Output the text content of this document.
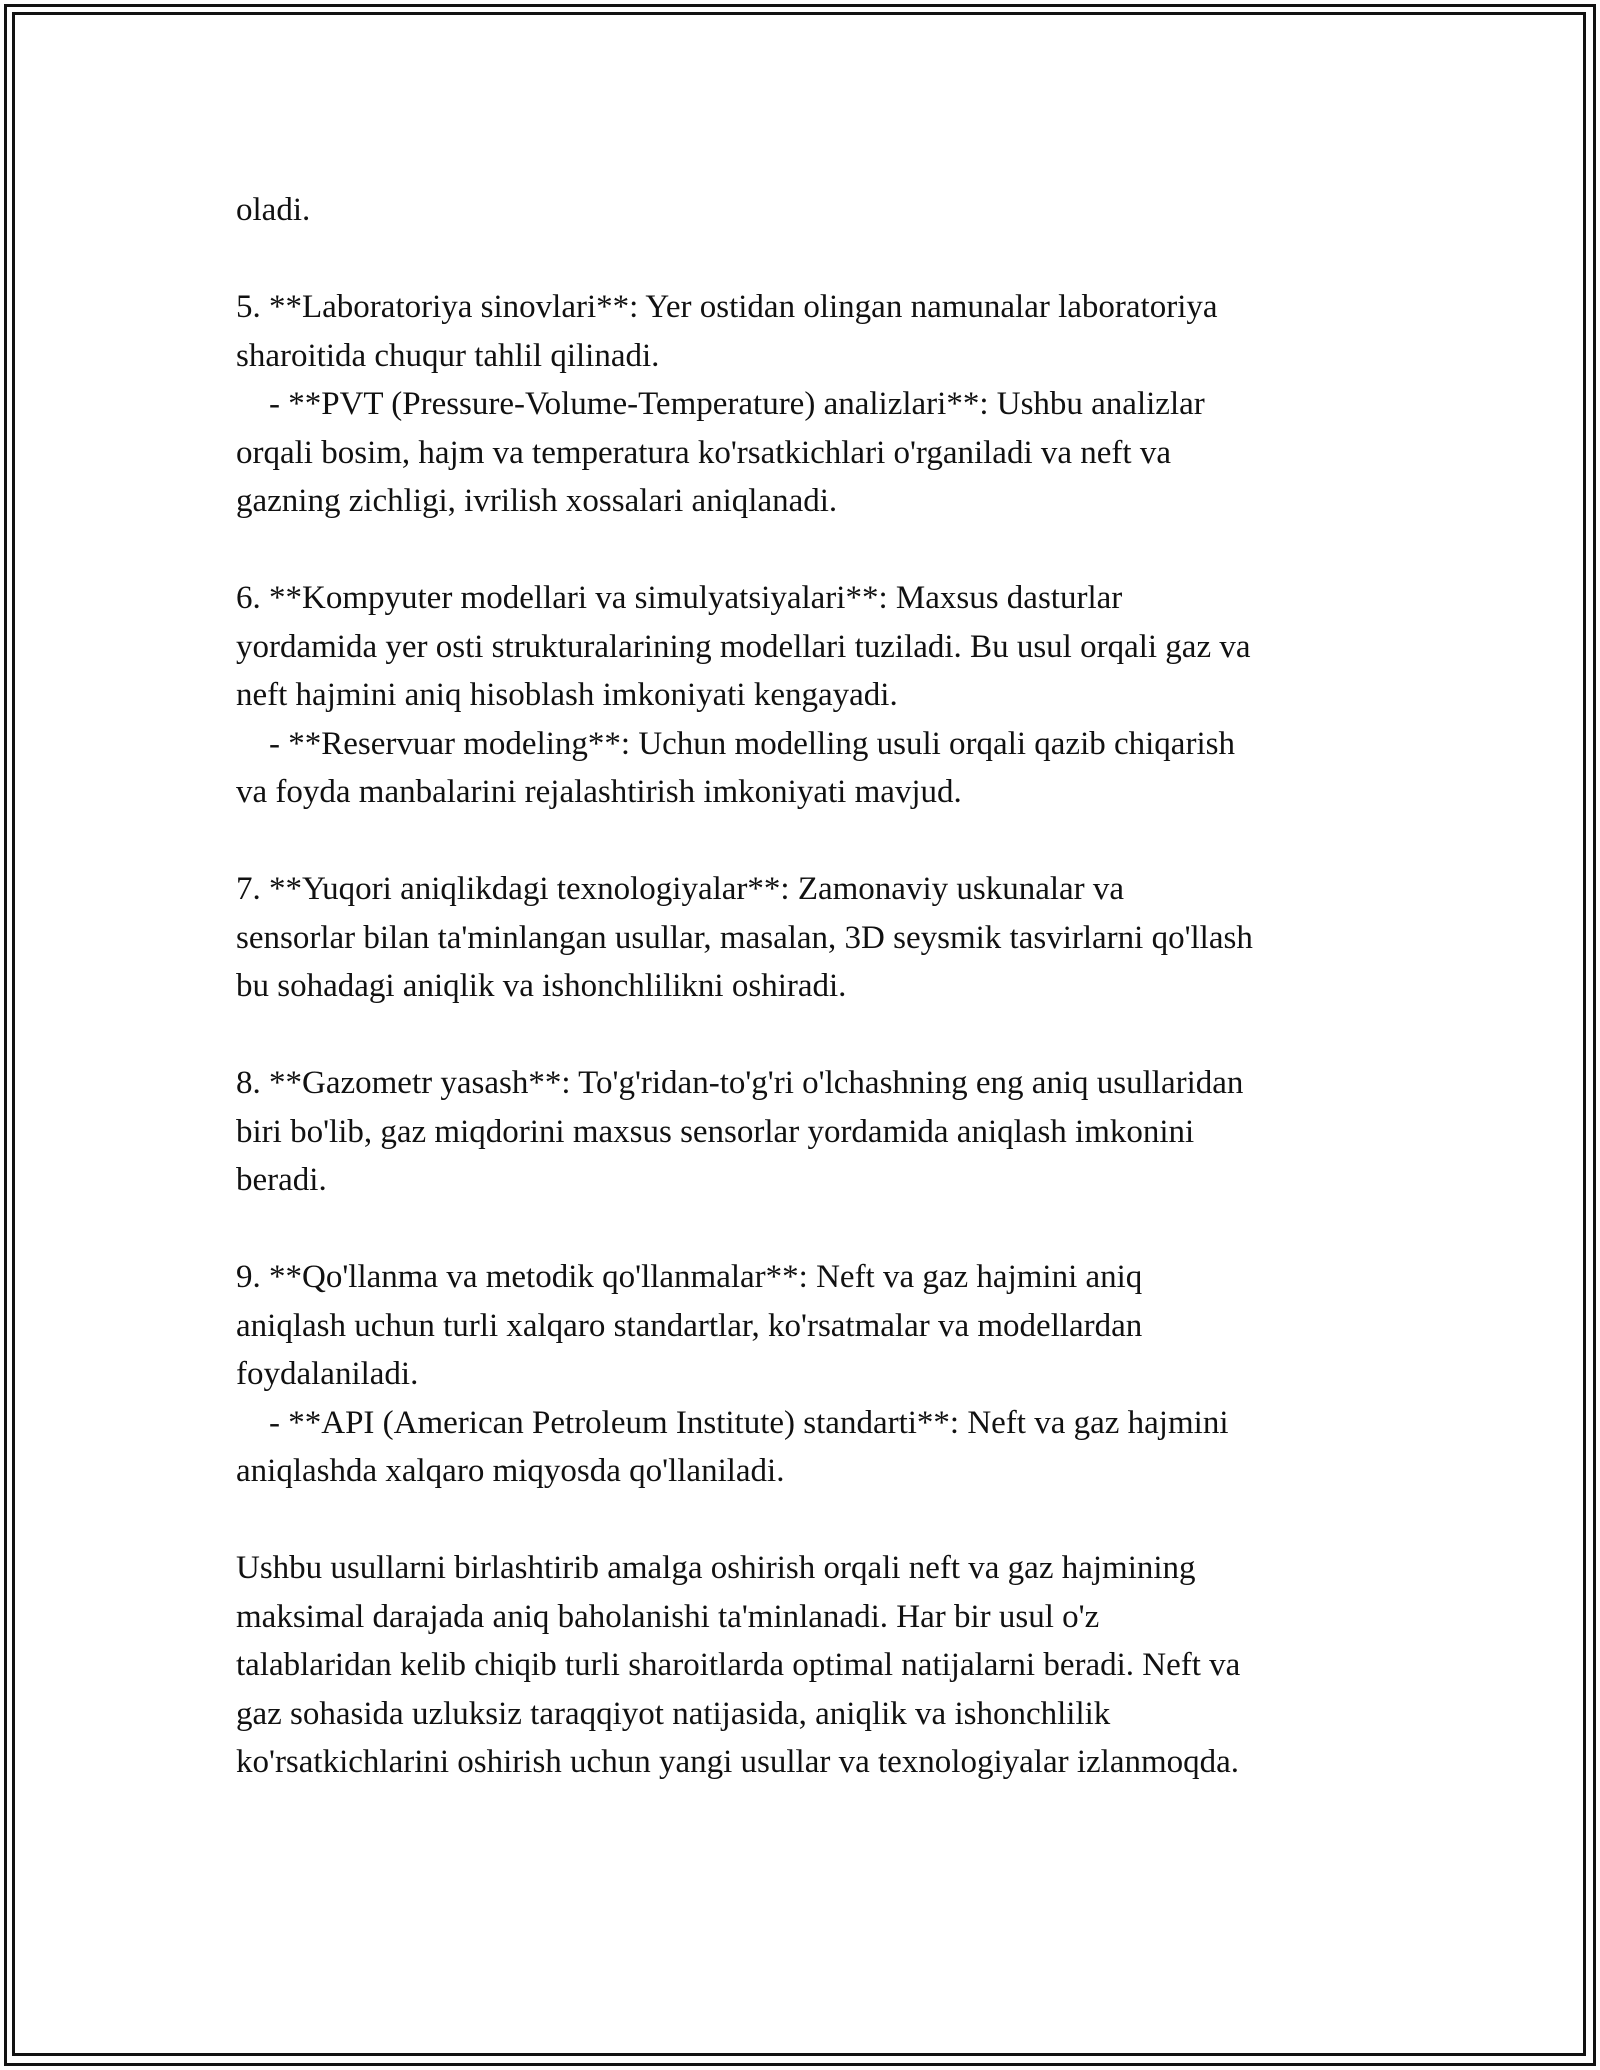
oladi.
5. **Laboratoriya sinovlari**: Yer ostidan olingan namunalar laboratoriya
sharoitida chuqur tahlil qilinadi.
- **PVT (Pressure-Volume-Temperature) analizlari**: Ushbu analizlar
orqali bosim, hajm va temperatura ko'rsatkichlari o'rganiladi va neft va
gazning zichligi, ivrilish xossalari aniqlanadi.
6. **Kompyuter modellari va simulyatsiyalari**: Maxsus dasturlar
yordamida yer osti strukturalarining modellari tuziladi. Bu usul orqali gaz va
neft hajmini aniq hisoblash imkoniyati kengayadi.
- **Reservuar modeling**: Uchun modelling usuli orqali qazib chiqarish
va foyda manbalarini rejalashtirish imkoniyati mavjud.
7. **Yuqori aniqlikdagi texnologiyalar**: Zamonaviy uskunalar va
sensorlar bilan ta'minlangan usullar, masalan, 3D seysmik tasvirlarni qo'llash
bu sohadagi aniqlik va ishonchlilikni oshiradi.
8. **Gazometr yasash**: To'g'ridan-to'g'ri o'lchashning eng aniq usullaridan
biri bo'lib, gaz miqdorini maxsus sensorlar yordamida aniqlash imkonini
beradi.
9. **Qo'llanma va metodik qo'llanmalar**: Neft va gaz hajmini aniq
aniqlash uchun turli xalqaro standartlar, ko'rsatmalar va modellardan
foydalaniladi.
- **API (American Petroleum Institute) standarti**: Neft va gaz hajmini
aniqlashda xalqaro miqyosda qo'llaniladi.
Ushbu usullarni birlashtirib amalga oshirish orqali neft va gaz hajmining
maksimal darajada aniq baholanishi ta'minlanadi. Har bir usul o'z
talablaridan kelib chiqib turli sharoitlarda optimal natijalarni beradi. Neft va
gaz sohasida uzluksiz taraqqiyot natijasida, aniqlik va ishonchlilik
ko'rsatkichlarini oshirish uchun yangi usullar va texnologiyalar izlanmoqda.
